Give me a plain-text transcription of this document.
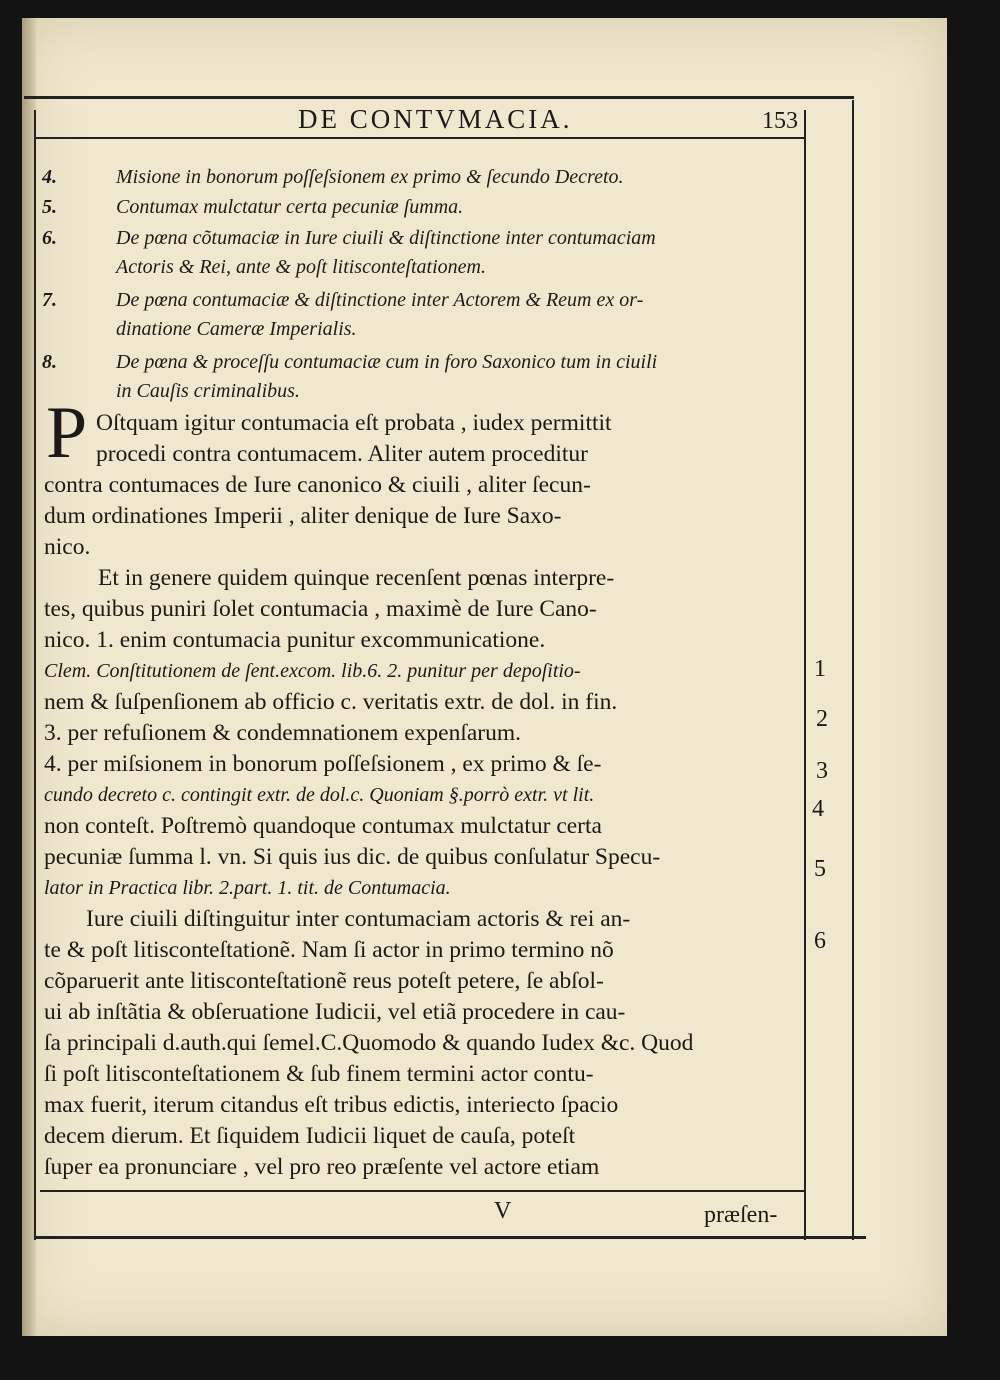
DE CONTVMACIA.	153
4.	Misione in bonorum poſſeſsionem ex primo & ſecundo Decreto.
5.	Contumax mulctatur certa pecuniæ ſumma.
6.	De pœna cõtumaciæ in Iure ciuili & diſtinctione inter contumaciam
Actoris & Rei, ante & poſt litisconteſtationem.
7.	De pœna contumaciæ & diſtinctione inter Actorem & Reum ex or-
dinatione Cameræ Imperialis.
8.	De pœna & proceſſu contumaciæ cum in foro Saxonico tum in ciuili
in Cauſis criminalibus.
P Oſtquam igitur contumacia eſt probata , iudex permittit
procedi contra contumacem. Aliter autem proceditur
contra contumaces de Iure canonico & ciuili , aliter ſecun-
dum ordinationes Imperii , aliter denique de Iure Saxo-
nico.
Et in genere quidem quinque recenſent pœnas interpre-
tes, quibus puniri ſolet contumacia , maximè de Iure Cano-
nico. 1. enim contumacia punitur excommunicatione.
Clem. Conſtitutionem de ſent.excom. lib.6. 2. punitur per depoſitio-
nem & ſuſpenſionem ab officio c. veritatis extr. de dol. in fin.
3. per refuſionem & condemnationem expenſarum.
4. per miſsionem in bonorum poſſeſsionem , ex primo & ſe-
cundo decreto c. contingit extr. de dol.c. Quoniam §.porrò extr. vt lit.
non conteſt. Poſtremò quandoque contumax mulctatur certa
pecuniæ ſumma l. vn. Si quis ius dic. de quibus conſulatur Specu-
lator in Practica libr. 2.part. 1. tit. de Contumacia.
Iure ciuili diſtinguitur inter contumaciam actoris & rei an-
te & poſt litisconteſtationẽ. Nam ſi actor in primo termino nõ
cõparuerit ante litisconteſtationẽ reus poteſt petere, ſe abſol-
ui ab inſtãtia & obſeruatione Iudicii, vel etiã procedere in cau-
ſa principali d.auth.qui ſemel.C.Quomodo & quando Iudex &c. Quod
ſi poſt litisconteſtationem & ſub finem termini actor contu-
max fuerit, iterum citandus eſt tribus edictis, interiecto ſpacio
decem dierum. Et ſiquidem Iudicii liquet de cauſa, poteſt
ſuper ea pronunciare , vel pro reo præſente vel actore etiam
1
2
3
4
5
6
V	præſen-
